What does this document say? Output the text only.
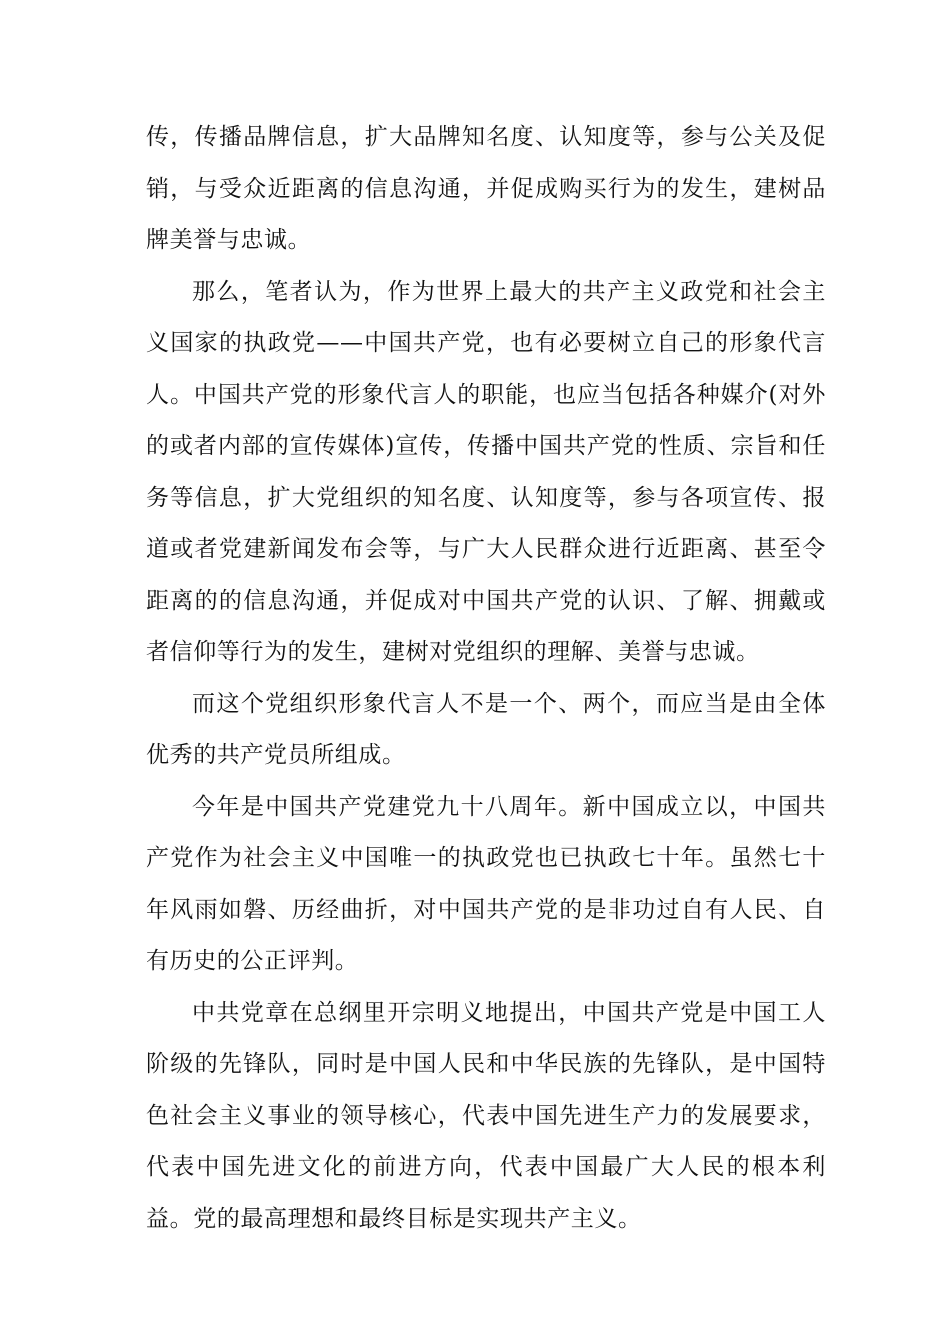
传，传播品牌信息，扩大品牌知名度、认知度等，参与公关及促销，与受众近距离的信息沟通，并促成购买行为的发生，建树品牌美誉与忠诚。

那么，笔者认为，作为世界上最大的共产主义政党和社会主义国家的执政党——中国共产党，也有必要树立自己的形象代言人。中国共产党的形象代言人的职能，也应当包括各种媒介(对外的或者内部的宣传媒体)宣传，传播中国共产党的性质、宗旨和任务等信息，扩大党组织的知名度、认知度等，参与各项宣传、报道或者党建新闻发布会等，与广大人民群众进行近距离、甚至令距离的的信息沟通，并促成对中国共产党的认识、了解、拥戴或者信仰等行为的发生，建树对党组织的理解、美誉与忠诚。

而这个党组织形象代言人不是一个、两个，而应当是由全体优秀的共产党员所组成。

今年是中国共产党建党九十八周年。新中国成立以，中国共产党作为社会主义中国唯一的执政党也已执政七十年。虽然七十年风雨如磐、历经曲折，对中国共产党的是非功过自有人民、自有历史的公正评判。

中共党章在总纲里开宗明义地提出，中国共产党是中国工人阶级的先锋队，同时是中国人民和中华民族的先锋队，是中国特色社会主义事业的领导核心，代表中国先进生产力的发展要求，代表中国先进文化的前进方向，代表中国最广大人民的根本利益。党的最高理想和最终目标是实现共产主义。
